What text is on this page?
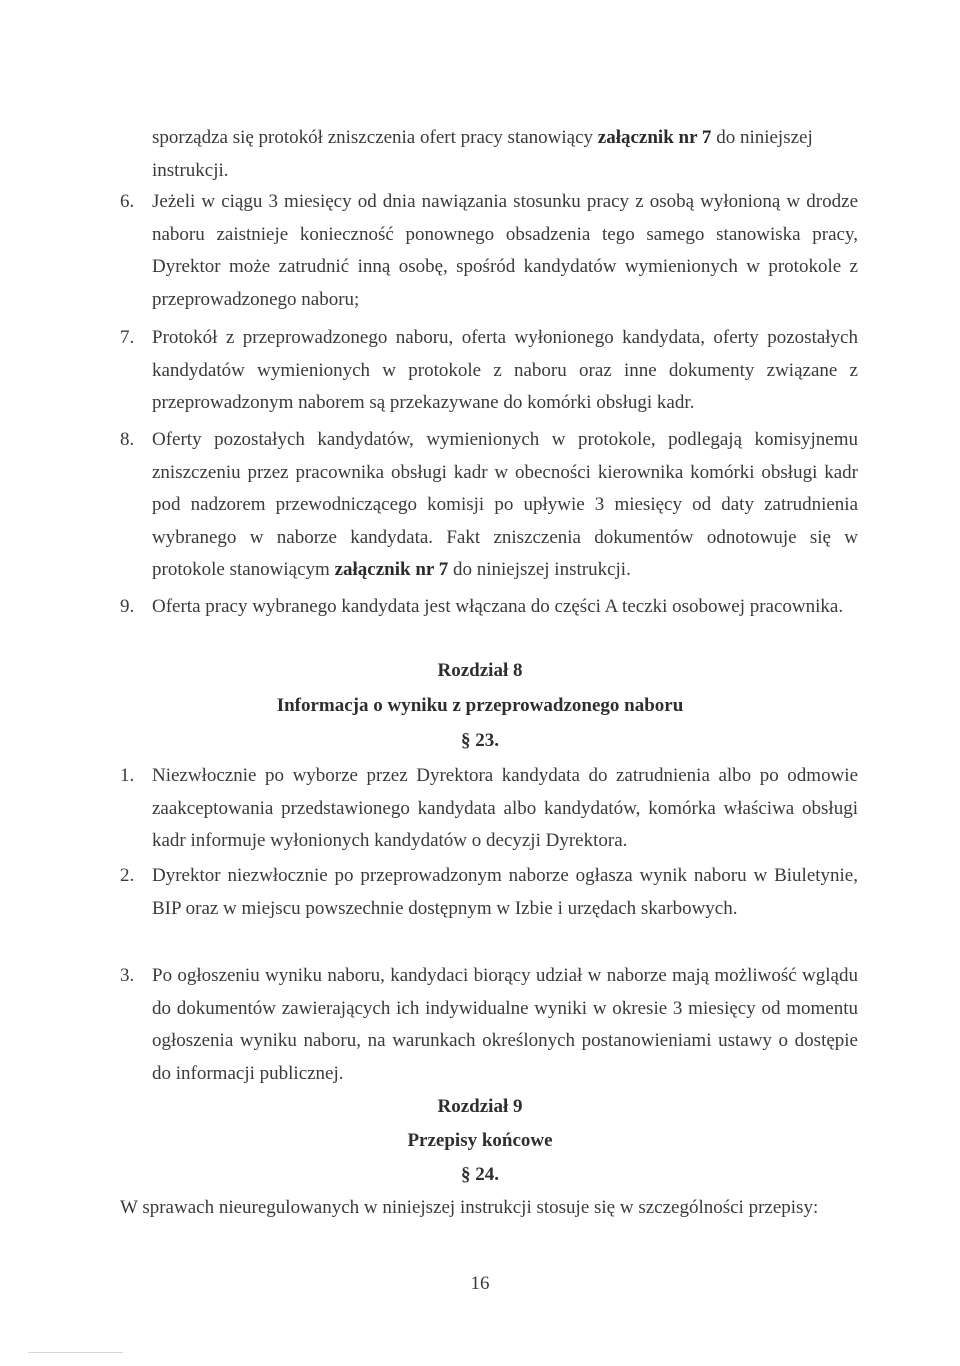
sporządza się protokół zniszczenia ofert pracy stanowiący załącznik nr 7 do niniejszej
instrukcji.
6. Jeżeli w ciągu 3 miesięcy od dnia nawiązania stosunku pracy z osobą wyłonioną w drodze naboru zaistnieje konieczność ponownego obsadzenia tego samego stanowiska pracy, Dyrektor może zatrudnić inną osobę, spośród kandydatów wymienionych w protokole z przeprowadzonego naboru;
7. Protokół z przeprowadzonego naboru, oferta wyłonionego kandydata, oferty pozostałych kandydatów wymienionych w protokole z naboru oraz inne dokumenty związane z przeprowadzonym naborem są przekazywane do komórki obsługi kadr.
8. Oferty pozostałych kandydatów, wymienionych w protokole, podlegają komisyjnemu zniszczeniu przez pracownika obsługi kadr w obecności kierownika komórki obsługi kadr pod nadzorem przewodniczącego komisji po upływie 3 miesięcy od daty zatrudnienia wybranego w naborze kandydata. Fakt zniszczenia dokumentów odnotowuje się w protokole stanowiącym załącznik nr 7 do niniejszej instrukcji.
9. Oferta pracy wybranego kandydata jest włączana do części A teczki osobowej pracownika.
Rozdział 8
Informacja o wyniku z przeprowadzonego naboru
§ 23.
1. Niezwłocznie po wyborze przez Dyrektora kandydata do zatrudnienia albo po odmowie zaakceptowania przedstawionego kandydata albo kandydatów, komórka właściwa obsługi kadr informuje wyłonionych kandydatów o decyzji Dyrektora.
2. Dyrektor niezwłocznie po przeprowadzonym naborze ogłasza wynik naboru w Biuletynie, BIP oraz w miejscu powszechnie dostępnym w Izbie i urzędach skarbowych.
3. Po ogłoszeniu wyniku naboru, kandydaci biorący udział w naborze mają możliwość wglądu do dokumentów zawierających ich indywidualne wyniki w okresie 3 miesięcy od momentu ogłoszenia wyniku naboru, na warunkach określonych postanowieniami ustawy o dostępie do informacji publicznej.
Rozdział 9
Przepisy końcowe
§ 24.
W sprawach nieuregulowanych w niniejszej instrukcji stosuje się w szczególności przepisy:
16
